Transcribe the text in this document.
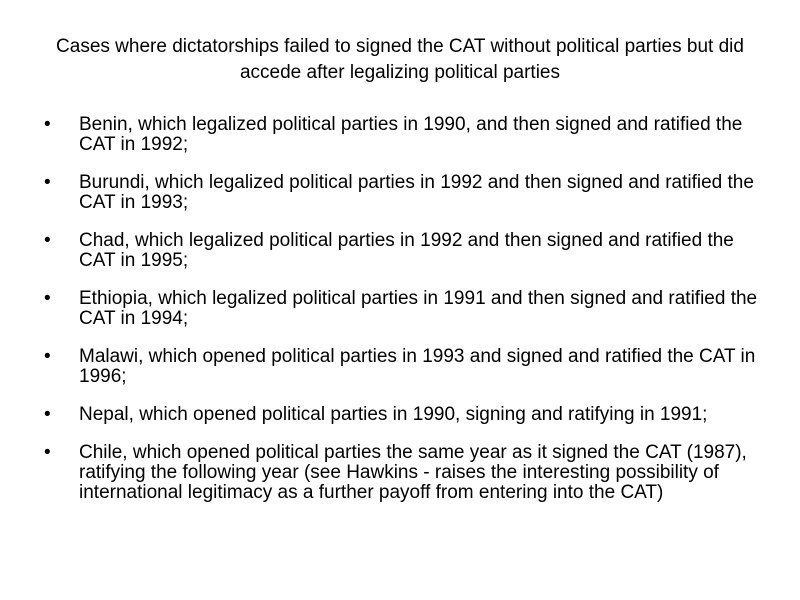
Cases where dictatorships failed to signed the CAT without political parties but did accede after legalizing political parties
•	Benin, which legalized political parties in 1990, and then signed and ratified the CAT in 1992;
•	Burundi, which legalized political parties in 1992 and then signed and ratified the CAT in 1993;
•	Chad, which legalized political parties in 1992 and then signed and ratified the CAT in 1995;
•	Ethiopia, which legalized political parties in 1991 and then signed and ratified the CAT in 1994;
•	Malawi, which opened political parties in 1993 and signed and ratified the CAT in 1996;
•	Nepal, which opened political parties in 1990, signing and ratifying in 1991;
•	Chile, which opened political parties the same year as it signed the CAT (1987), ratifying the following year (see Hawkins - raises the interesting possibility of international legitimacy as a further payoff from entering into the CAT)
